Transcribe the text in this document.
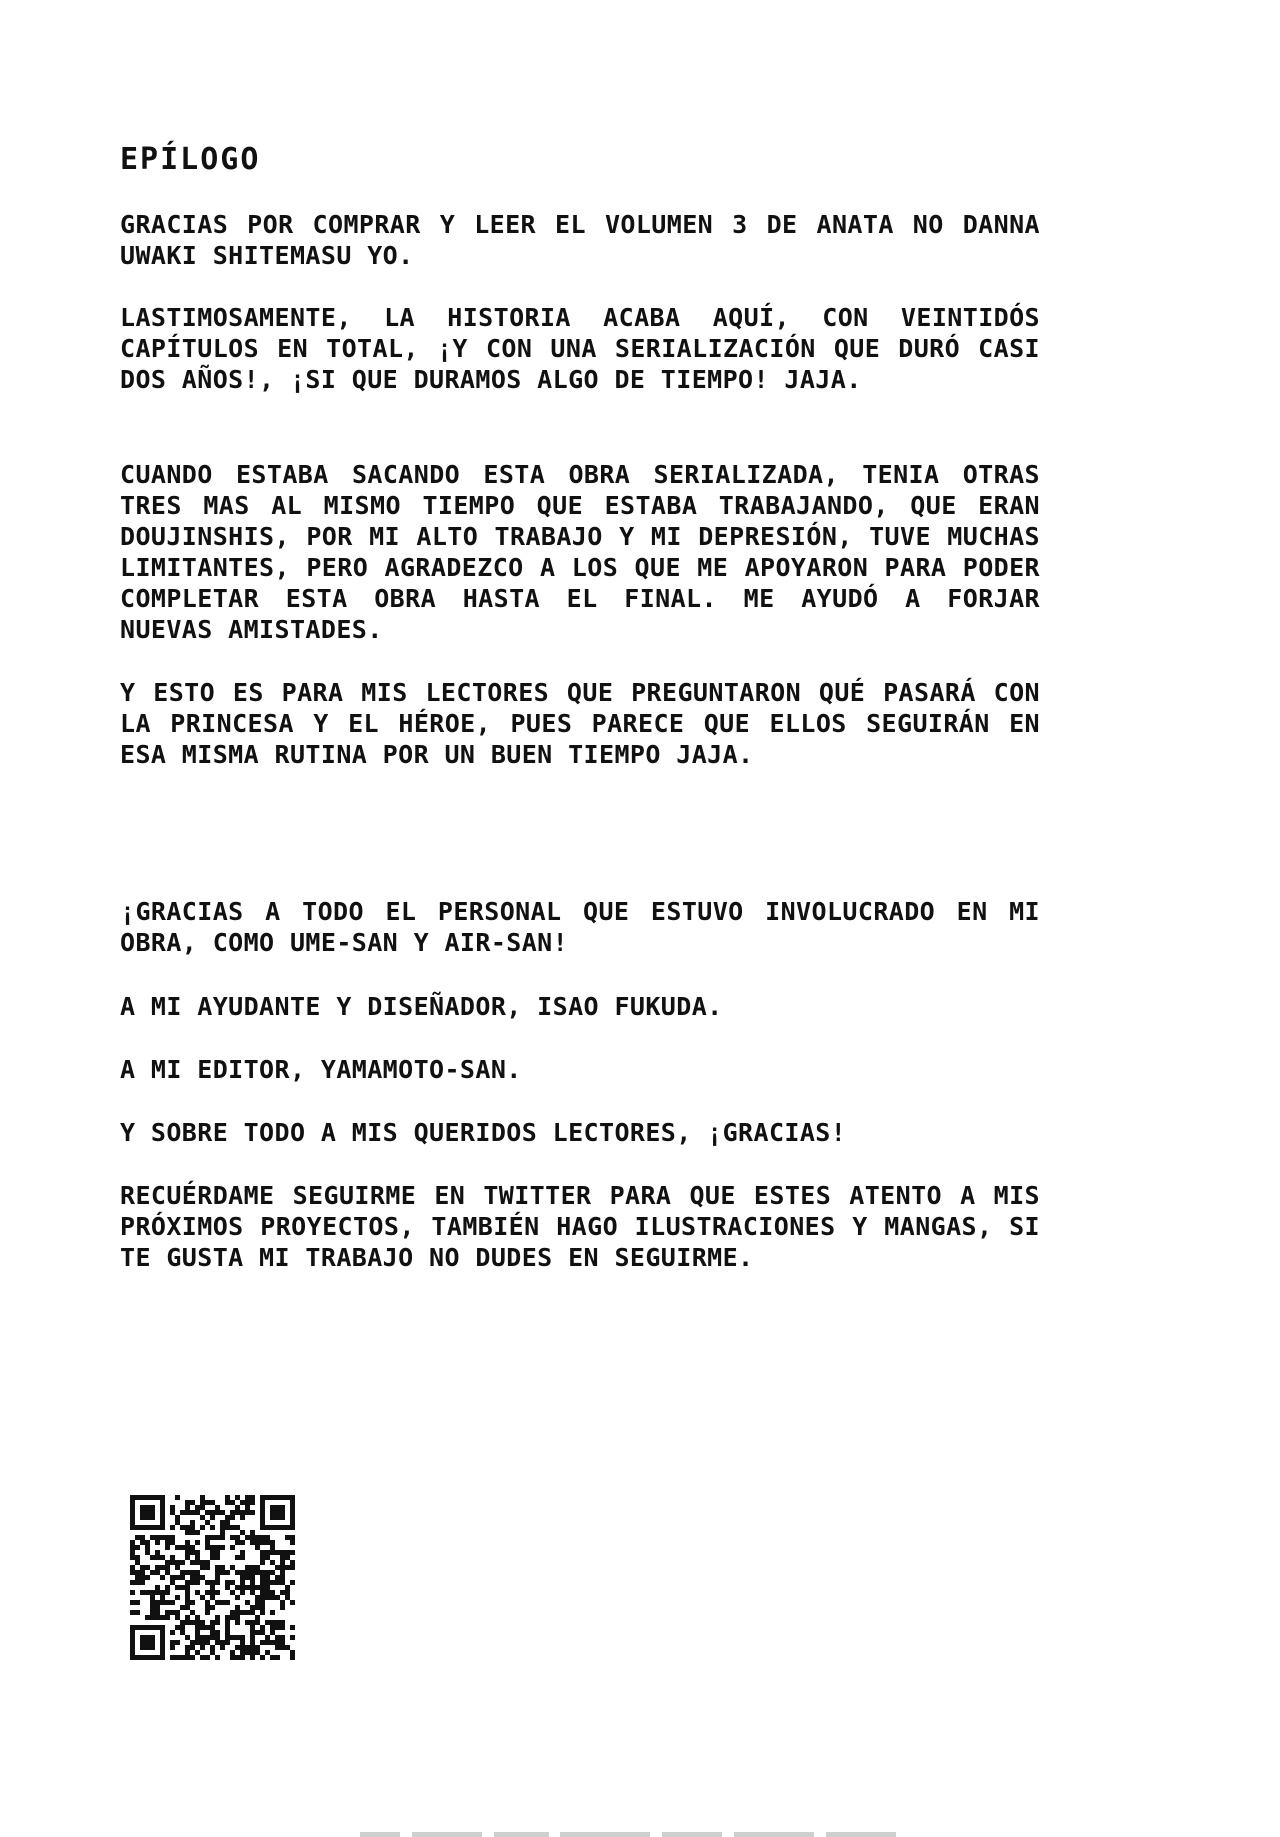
EPÍLOGO
GRACIAS POR COMPRAR Y LEER EL VOLUMEN 3 DE ANATA NO DANNA UWAKI SHITEMASU YO.
LASTIMOSAMENTE, LA HISTORIA ACABA AQUÍ, CON VEINTIDÓS CAPÍTULOS EN TOTAL, ¡Y CON UNA SERIALIZACIÓN QUE DURÓ CASI DOS AÑOS!, ¡SI QUE DURAMOS ALGO DE TIEMPO! JAJA.
CUANDO ESTABA SACANDO ESTA OBRA SERIALIZADA, TENIA OTRAS TRES MAS AL MISMO TIEMPO QUE ESTABA TRABAJANDO, QUE ERAN DOUJINSHIS, POR MI ALTO TRABAJO Y MI DEPRESIÓN, TUVE MUCHAS LIMITANTES, PERO AGRADEZCO A LOS QUE ME APOYARON PARA PODER COMPLETAR ESTA OBRA HASTA EL FINAL. ME AYUDÓ A FORJAR NUEVAS AMISTADES.
Y ESTO ES PARA MIS LECTORES QUE PREGUNTARON QUÉ PASARÁ CON LA PRINCESA Y EL HÉROE, PUES PARECE QUE ELLOS SEGUIRÁN EN ESA MISMA RUTINA POR UN BUEN TIEMPO JAJA.
¡GRACIAS A TODO EL PERSONAL QUE ESTUVO INVOLUCRADO EN MI OBRA, COMO UME-SAN Y AIR-SAN!
A MI AYUDANTE Y DISEÑADOR, ISAO FUKUDA.
A MI EDITOR, YAMAMOTO-SAN.
Y SOBRE TODO A MIS QUERIDOS LECTORES, ¡GRACIAS!
RECUÉRDAME SEGUIRME EN TWITTER PARA QUE ESTES ATENTO A MIS PRÓXIMOS PROYECTOS, TAMBIÉN HAGO ILUSTRACIONES Y MANGAS, SI TE GUSTA MI TRABAJO NO DUDES EN SEGUIRME.
